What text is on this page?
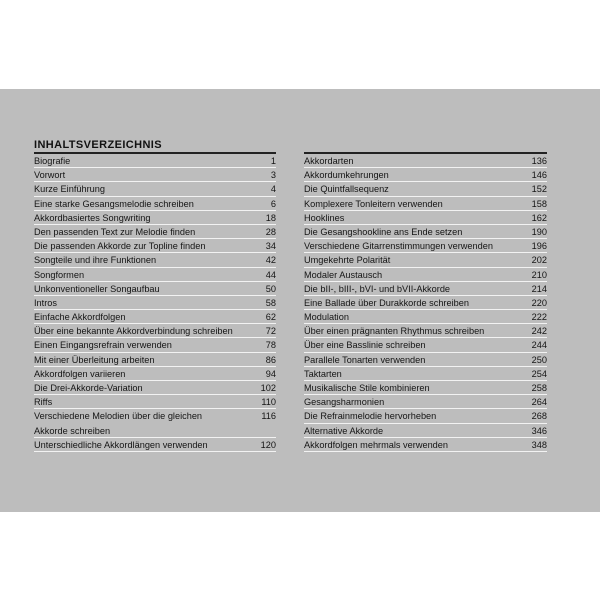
INHALTSVERZEICHNIS
Biografie	1
Vorwort	3
Kurze Einführung	4
Eine starke Gesangsmelodie schreiben	6
Akkordbasiertes Songwriting	18
Den passenden Text zur Melodie finden	28
Die passenden Akkorde zur Topline finden	34
Songteile und ihre Funktionen	42
Songformen	44
Unkonventioneller Songaufbau	50
Intros	58
Einfache Akkordfolgen	62
Über eine bekannte Akkordverbindung schreiben	72
Einen Eingangsrefrain verwenden	78
Mit einer Überleitung arbeiten	86
Akkordfolgen variieren	94
Die Drei-Akkorde-Variation	102
Riffs	110
Verschiedene Melodien über die gleichen	116
Akkorde schreiben
Unterschiedliche Akkordlängen verwenden	120
Akkordarten	136
Akkordumkehrungen	146
Die Quintfallsequenz	152
Komplexere Tonleitern verwenden	158
Hooklines	162
Die Gesangshookline ans Ende setzen	190
Verschiedene Gitarrenstimmungen verwenden	196
Umgekehrte Polarität	202
Modaler Austausch	210
Die bII-, bIII-, bVI- und bVII-Akkorde	214
Eine Ballade über Durakkorde schreiben	220
Modulation	222
Über einen prägnanten Rhythmus schreiben	242
Über eine Basslinie schreiben	244
Parallele Tonarten verwenden	250
Taktarten	254
Musikalische Stile kombinieren	258
Gesangsharmonien	264
Die Refrainmelodie hervorheben	268
Alternative Akkorde	346
Akkordfolgen mehrmals verwenden	348
